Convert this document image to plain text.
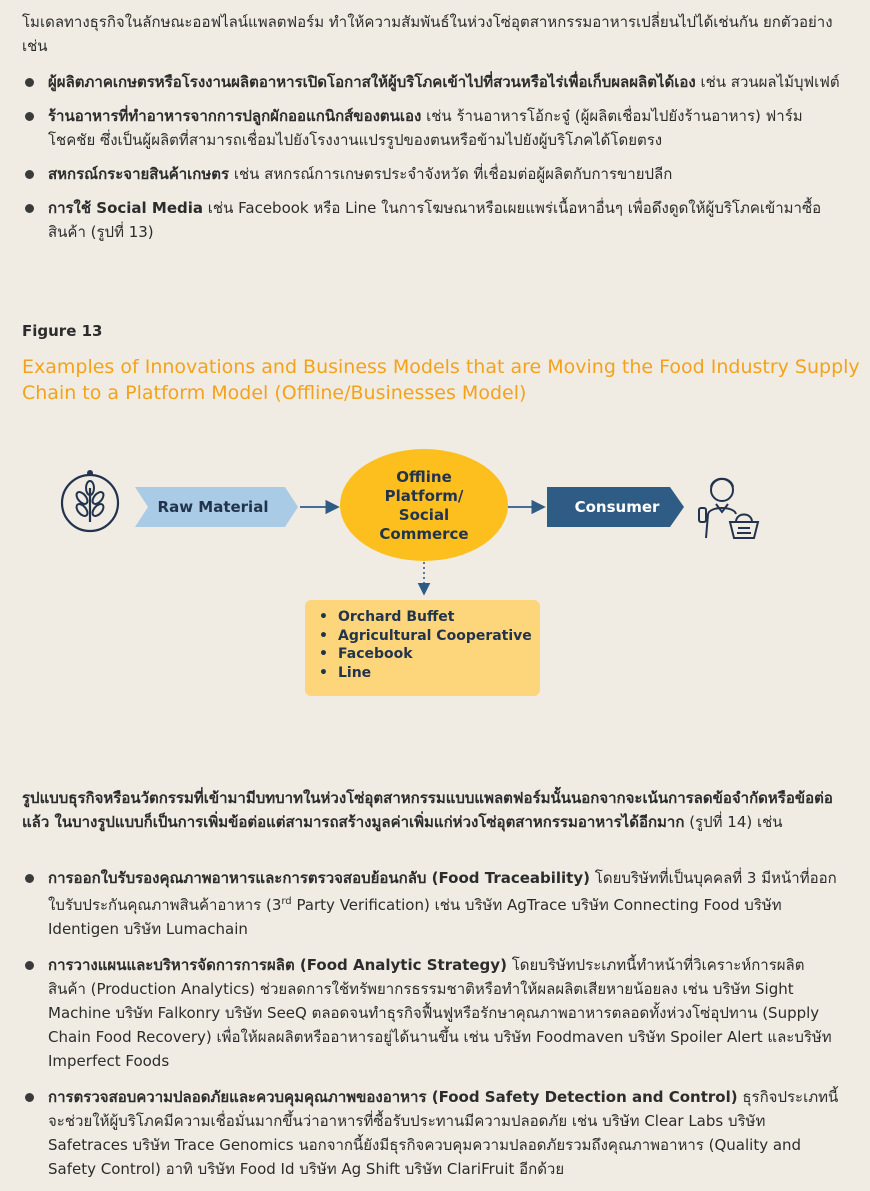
โมเดลทางธุรกิจในลักษณะออฟไลน์แพลตฟอร์ม ทำให้ความสัมพันธ์ในห่วงโซ่อุตสาหกรรมอาหารเปลี่ยนไปได้เช่นกัน ยกตัวอย่างเช่น

ผู้ผลิตภาคเกษตรหรือโรงงานผลิตอาหารเปิดโอกาสให้ผู้บริโภคเข้าไปที่สวนหรือไร่เพื่อเก็บผลผลิตได้เอง เช่น สวนผลไม้บุฟเฟต์
ร้านอาหารที่ทำอาหารจากการปลูกผักออแกนิกส์ของตนเอง เช่น ร้านอาหารโอ้กะจู๋ (ผู้ผลิตเชื่อมไปยังร้านอาหาร) ฟาร์มโชคชัย ซึ่งเป็นผู้ผลิตที่สามารถเชื่อมไปยังโรงงานแปรรูปของตนหรือข้ามไปยังผู้บริโภคได้โดยตรง
สหกรณ์กระจายสินค้าเกษตร เช่น สหกรณ์การเกษตรประจำจังหวัด ที่เชื่อมต่อผู้ผลิตกับการขายปลีก
การใช้ Social Media เช่น Facebook หรือ Line ในการโฆษณาหรือเผยแพร่เนื้อหาอื่นๆ เพื่อดึงดูดให้ผู้บริโภคเข้ามาซื้อสินค้า (รูปที่ 13)
Figure 13
Examples of Innovations and Business Models that are Moving the Food Industry Supply Chain to a Platform Model (Offline/Businesses Model)
Raw Material
Offline
Platform/
Social
Commerce
Consumer
• Orchard Buffet
• Agricultural Cooperative
• Facebook
• Line

รูปแบบธุรกิจหรือนวัตกรรมที่เข้ามามีบทบาทในห่วงโซ่อุตสาหกรรมแบบแพลตฟอร์มนั้นนอกจากจะเน้นการลดข้อจำกัดหรือข้อต่อแล้ว ในบางรูปแบบก็เป็นการเพิ่มข้อต่อแต่สามารถสร้างมูลค่าเพิ่มแก่ห่วงโซ่อุตสาหกรรมอาหารได้อีกมาก (รูปที่ 14) เช่น

การออกใบรับรองคุณภาพอาหารและการตรวจสอบย้อนกลับ (Food Traceability) โดยบริษัทที่เป็นบุคคลที่ 3 มีหน้าที่ออกใบรับประกันคุณภาพสินค้าอาหาร (3rd Party Verification) เช่น บริษัท AgTrace บริษัท Connecting Food บริษัท Identigen บริษัท Lumachain
การวางแผนและบริหารจัดการการผลิต (Food Analytic Strategy) โดยบริษัทประเภทนี้ทำหน้าที่วิเคราะห์การผลิตสินค้า (Production Analytics) ช่วยลดการใช้ทรัพยากรธรรมชาติหรือทำให้ผลผลิตเสียหายน้อยลง เช่น บริษัท Sight Machine บริษัท Falkonry บริษัท SeeQ ตลอดจนทำธุรกิจฟื้นฟูหรือรักษาคุณภาพอาหารตลอดทั้งห่วงโซ่อุปทาน (Supply Chain Food Recovery) เพื่อให้ผลผลิตหรืออาหารอยู่ได้นานขึ้น เช่น บริษัท Foodmaven บริษัท Spoiler Alert และบริษัท Imperfect Foods
การตรวจสอบความปลอดภัยและควบคุมคุณภาพของอาหาร (Food Safety Detection and Control) ธุรกิจประเภทนี้จะช่วยให้ผู้บริโภคมีความเชื่อมั่นมากขึ้นว่าอาหารที่ซื้อรับประทานมีความปลอดภัย เช่น บริษัท Clear Labs บริษัท Safetraces บริษัท Trace Genomics นอกจากนี้ยังมีธุรกิจควบคุมความปลอดภัยรวมถึงคุณภาพอาหาร (Quality and Safety Control) อาทิ บริษัท Food Id บริษัท Ag Shift บริษัท ClariFruit อีกด้วย
